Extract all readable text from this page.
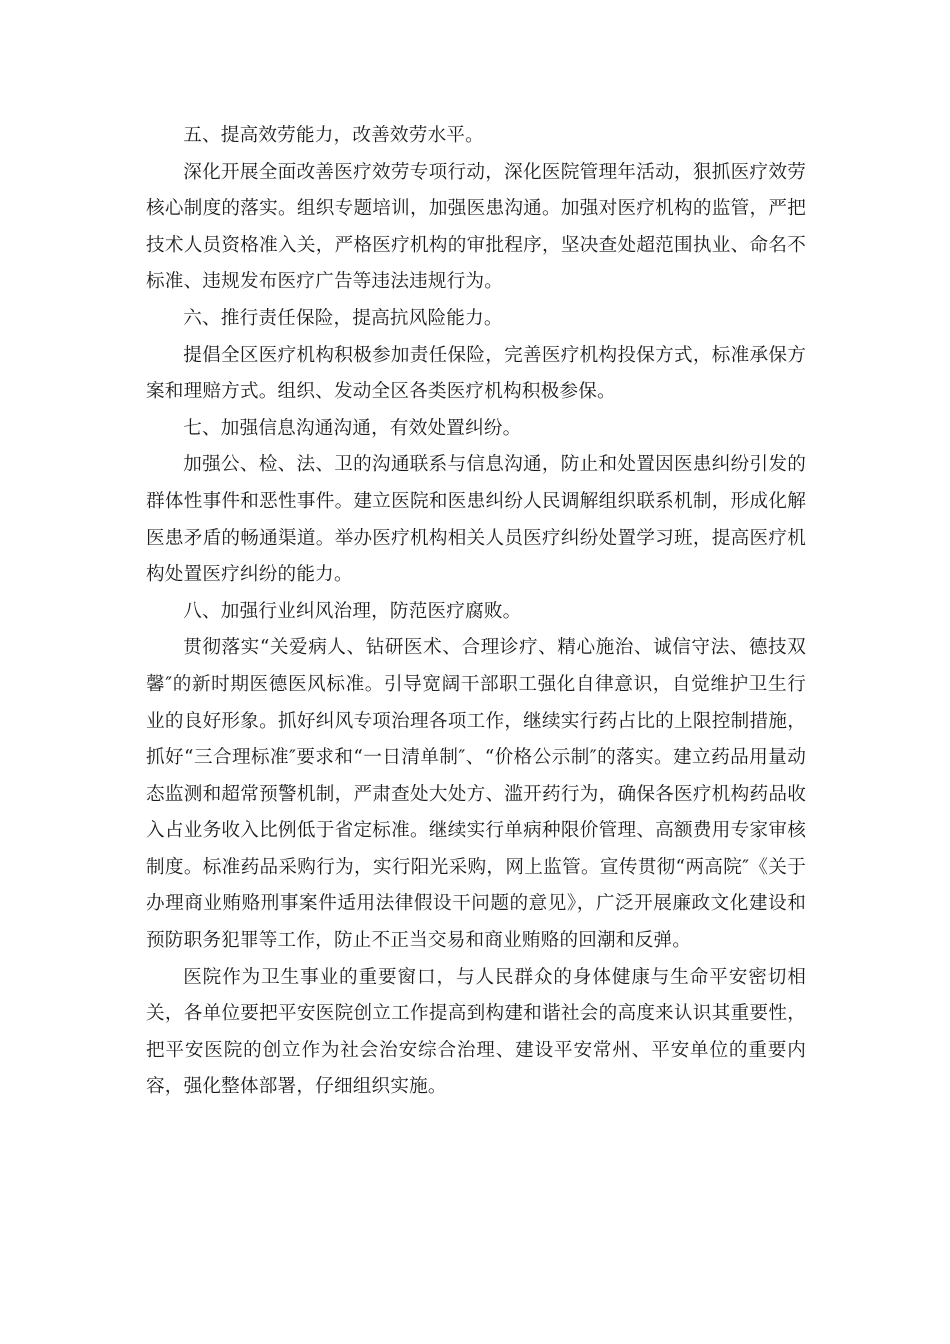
五、提高效劳能力，改善效劳水平。

深化开展全面改善医疗效劳专项行动，深化医院管理年活动，狠抓医疗效劳核心制度的落实。组织专题培训，加强医患沟通。加强对医疗机构的监管，严把技术人员资格准入关，严格医疗机构的审批程序，坚决查处超范围执业、命名不标准、违规发布医疗广告等违法违规行为。

六、推行责任保险，提高抗风险能力。

提倡全区医疗机构积极参加责任保险，完善医疗机构投保方式，标准承保方案和理赔方式。组织、发动全区各类医疗机构积极参保。

七、加强信息沟通沟通，有效处置纠纷。

加强公、检、法、卫的沟通联系与信息沟通，防止和处置因医患纠纷引发的群体性事件和恶性事件。建立医院和医患纠纷人民调解组织联系机制，形成化解医患矛盾的畅通渠道。举办医疗机构相关人员医疗纠纷处置学习班，提高医疗机构处置医疗纠纷的能力。

八、加强行业纠风治理，防范医疗腐败。

贯彻落实“关爱病人、钻研医术、合理诊疗、精心施治、诚信守法、德技双馨″的新时期医德医风标准。引导宽阔干部职工强化自律意识，自觉维护卫生行业的良好形象。抓好纠风专项治理各项工作，继续实行药占比的上限控制措施，抓好“三合理标准″要求和“一日清单制″、“价格公示制″的落实。建立药品用量动态监测和超常预警机制，严肃查处大处方、滥开药行为，确保各医疗机构药品收入占业务收入比例低于省定标准。继续实行单病种限价管理、高额费用专家审核制度。标准药品采购行为，实行阳光采购，网上监管。宣传贯彻“两高院″《关于办理商业贿赂刑事案件适用法律假设干问题的意见》，广泛开展廉政文化建设和预防职务犯罪等工作，防止不正当交易和商业贿赂的回潮和反弹。

医院作为卫生事业的重要窗口，与人民群众的身体健康与生命平安密切相关，各单位要把平安医院创立工作提高到构建和谐社会的高度来认识其重要性，把平安医院的创立作为社会治安综合治理、建设平安常州、平安单位的重要内容，强化整体部署，仔细组织实施。
